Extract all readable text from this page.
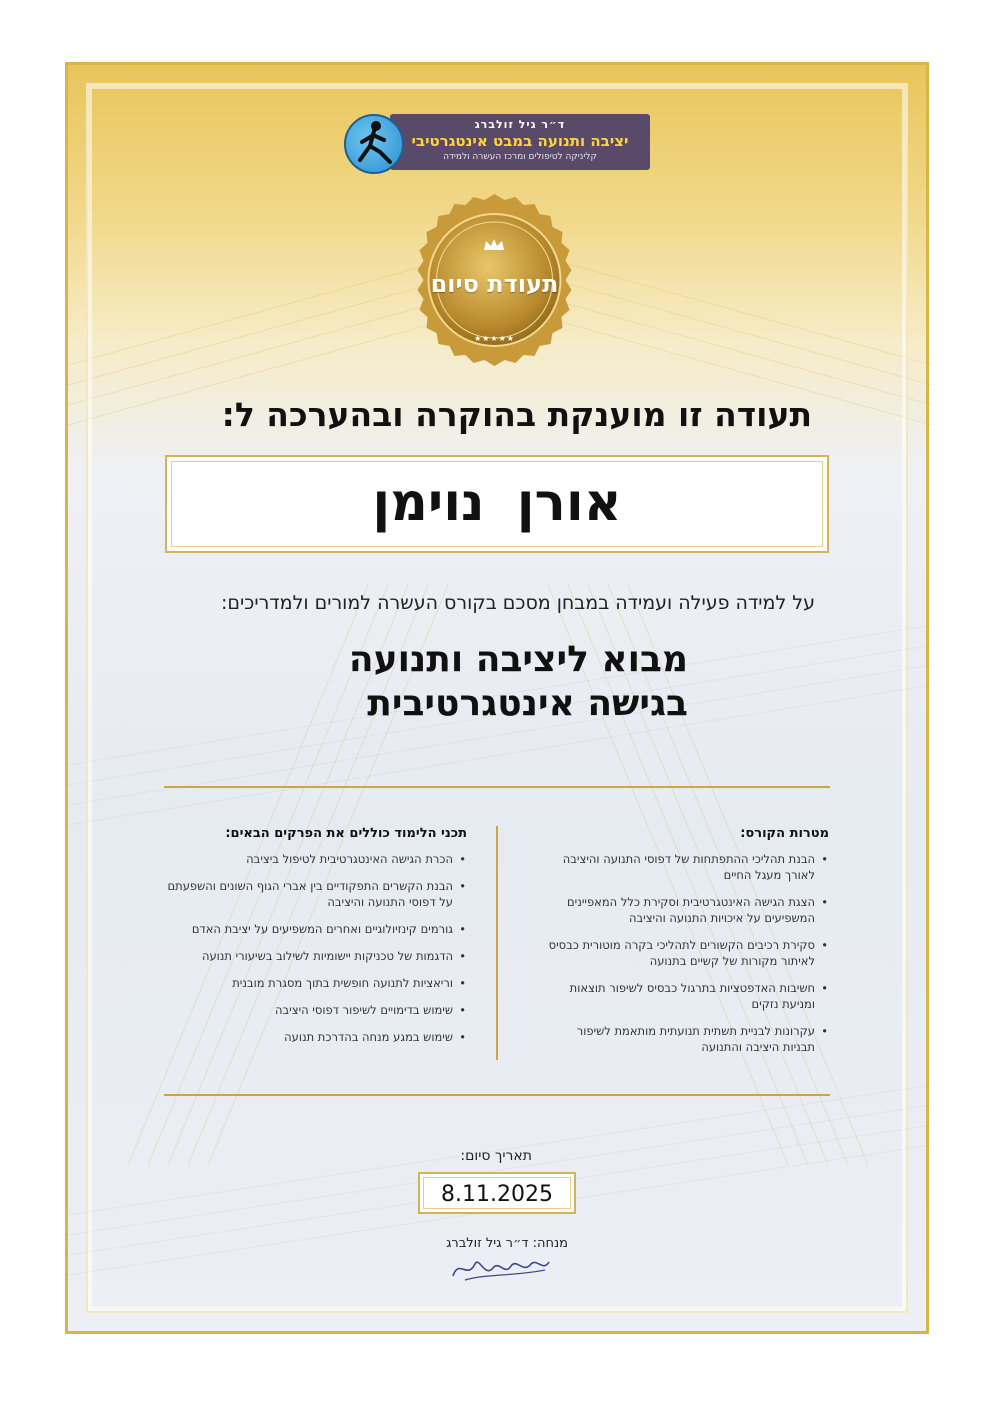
ד״ר גיל זולברג
יציבה ותנועה במבט אינטגרטיבי
קליניקה לטיפולים ומרכז העשרה ולמידה
תעודת סיום
★★★★★
תעודה זו מוענקת בהוקרה ובהערכה ל:
אורן נוימן
על למידה פעילה ועמידה במבחן מסכם בקורס העשרה למורים ולמדריכים:
מבוא ליציבה ותנועה
בגישה אינטגרטיבית
מטרות הקורס:
• הבנת תהליכי ההתפתחות של דפוסי התנועה והיציבה לאורך מעגל החיים
• הצגת הגישה האינטגרטיבית וסקירת כלל המאפיינים המשפיעים על איכויות התנועה והיציבה
• סקירת רכיבים הקשורים לתהליכי בקרה מוטורית כבסיס לאיתור מקורות של קשיים בתנועה
• חשיבות האדפטציות בתרגול כבסיס לשיפור תוצאות ומניעת נזקים
• עקרונות לבניית תשתית תנועתית מותאמת לשיפור תבניות היציבה והתנועה
תכני הלימוד כוללים את הפרקים הבאים:
• הכרת הגישה האינטגרטיבית לטיפול ביציבה
• הבנת הקשרים התפקודיים בין אברי הגוף השונים והשפעתם על דפוסי התנועה והיציבה
• גורמים קינזיולוגיים ואחרים המשפיעים על יציבת האדם
• הדגמות של טכניקות יישומיות לשילוב בשיעורי תנועה
• וריאציות לתנועה חופשית בתוך מסגרת מובנית
• שימוש בדימויים לשיפור דפוסי היציבה
• שימוש במגע מנחה בהדרכת תנועה
תאריך סיום:
8.11.2025
מנחה: ד״ר גיל זולברג
